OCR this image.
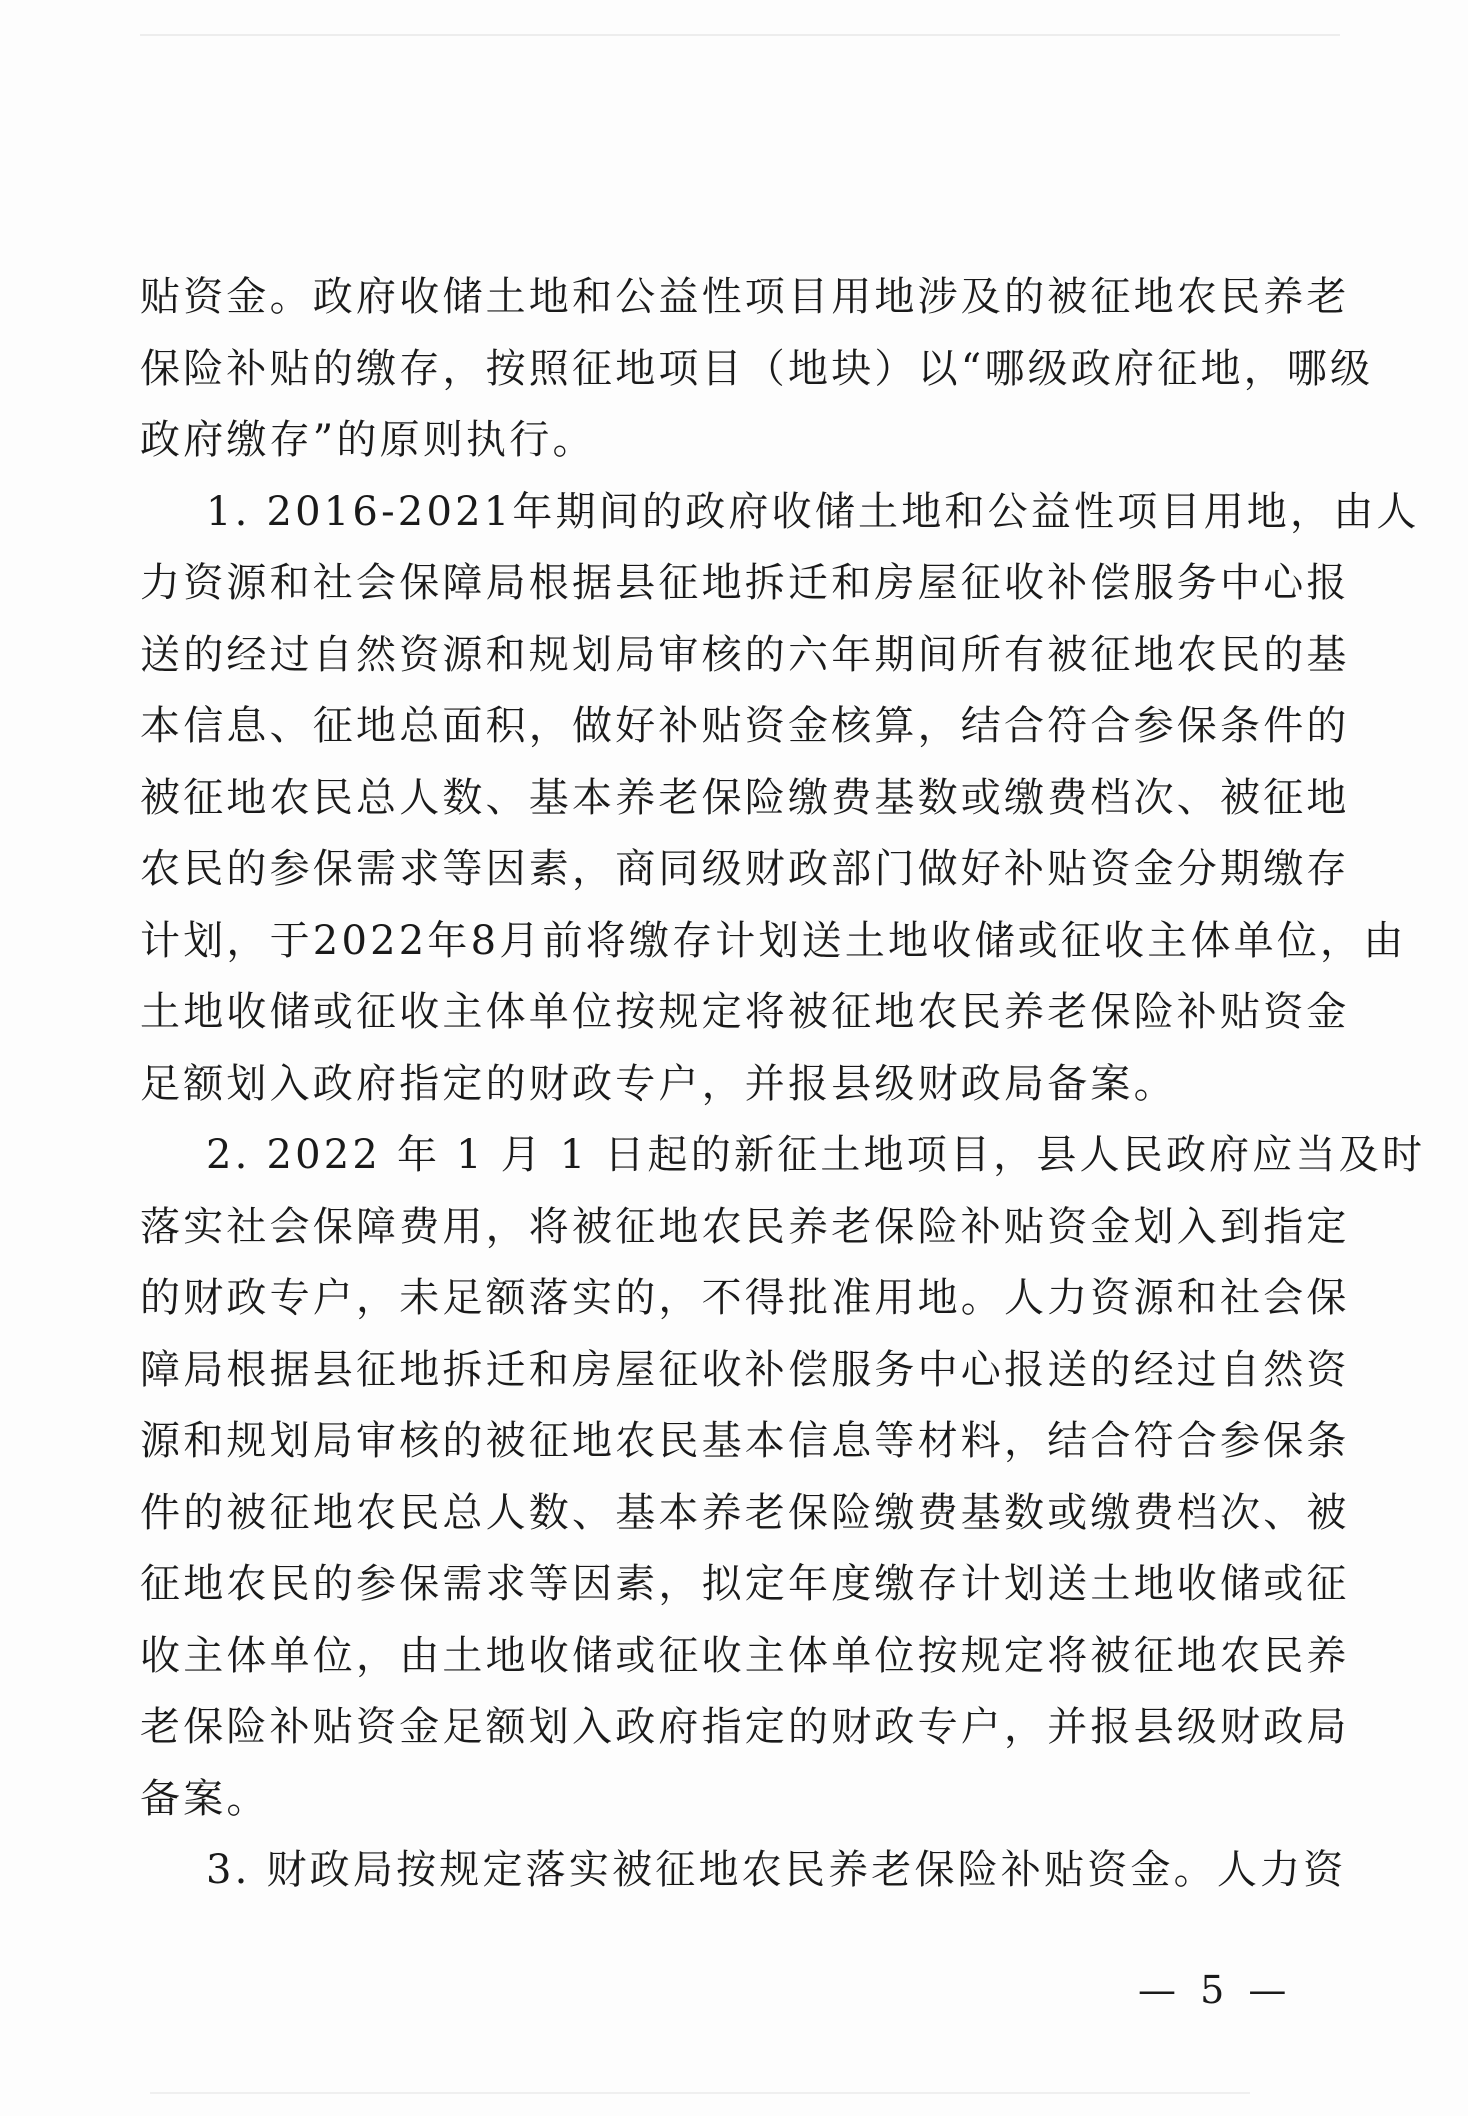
贴资金。政府收储土地和公益性项目用地涉及的被征地农民养老
保险补贴的缴存，按照征地项目（地块）以“哪级政府征地，哪级
政府缴存”的原则执行。
1. 2016-2021年期间的政府收储土地和公益性项目用地，由人
力资源和社会保障局根据县征地拆迁和房屋征收补偿服务中心报
送的经过自然资源和规划局审核的六年期间所有被征地农民的基
本信息、征地总面积，做好补贴资金核算，结合符合参保条件的
被征地农民总人数、基本养老保险缴费基数或缴费档次、被征地
农民的参保需求等因素，商同级财政部门做好补贴资金分期缴存
计划，于2022年8月前将缴存计划送土地收储或征收主体单位，由
土地收储或征收主体单位按规定将被征地农民养老保险补贴资金
足额划入政府指定的财政专户，并报县级财政局备案。
2. 2022 年 1 月 1 日起的新征土地项目，县人民政府应当及时
落实社会保障费用，将被征地农民养老保险补贴资金划入到指定
的财政专户，未足额落实的，不得批准用地。人力资源和社会保
障局根据县征地拆迁和房屋征收补偿服务中心报送的经过自然资
源和规划局审核的被征地农民基本信息等材料，结合符合参保条
件的被征地农民总人数、基本养老保险缴费基数或缴费档次、被
征地农民的参保需求等因素，拟定年度缴存计划送土地收储或征
收主体单位，由土地收储或征收主体单位按规定将被征地农民养
老保险补贴资金足额划入政府指定的财政专户，并报县级财政局
备案。
3. 财政局按规定落实被征地农民养老保险补贴资金。人力资
— 5 —
